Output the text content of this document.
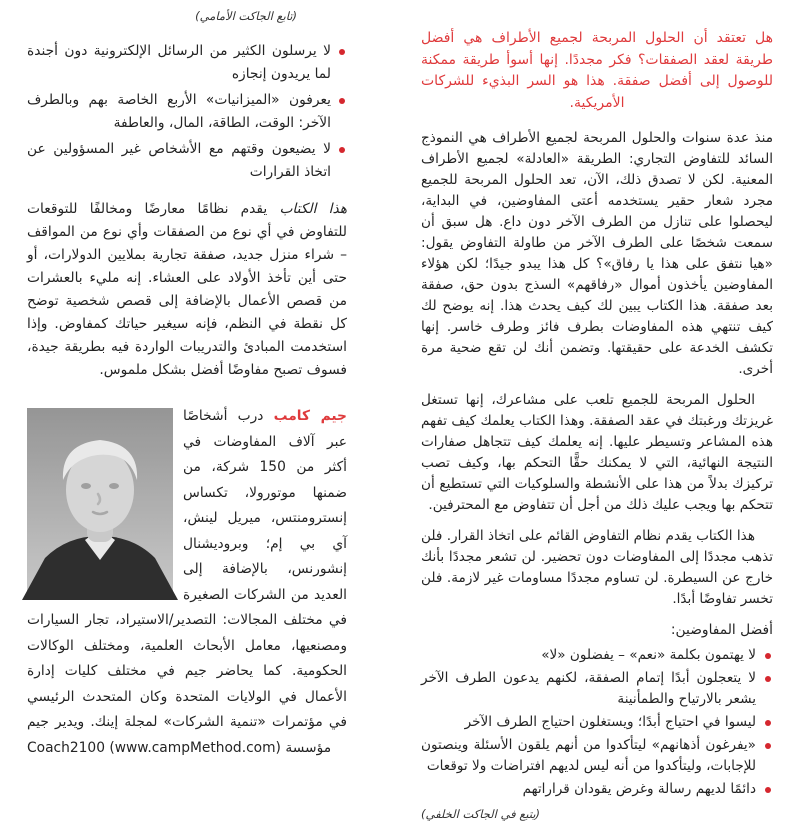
هل تعتقد أن الحلول المربحة لجميع الأطراف هي أفضل طريقة لعقد الصفقات؟ فكر مجددًا. إنها أسوأ طريقة ممكنة للوصول إلى أفضل صفقة. هذا هو السر البذيء للشركات الأمريكية.

منذ عدة سنوات والحلول المربحة لجميع الأطراف هي النموذج السائد للتفاوض التجاري: الطريقة «العادلة» لجميع الأطراف المعنية. لكن لا تصدق ذلك، الآن، تعد الحلول المربحة للجميع مجرد شعار حقير يستخدمه أعتى المفاوضين، في البداية، ليحصلوا على تنازل من الطرف الآخر دون داع. هل سبق أن سمعت شخصًا على الطرف الآخر من طاولة التفاوض يقول: «هيا نتفق على هذا يا رفاق»؟ كل هذا يبدو جيدًا؛ لكن هؤلاء المفاوضين يأخذون أموال «رفاقهم» السذج بدون حق، صفقة بعد صفقة. هذا الكتاب يبين لك كيف يحدث هذا. إنه يوضح لك كيف تنتهي هذه المفاوضات بطرف فائز وطرف خاسر. إنها تكشف الخدعة على حقيقتها. وتضمن أنك لن تقع ضحية مرة أخرى.

الحلول المربحة للجميع تلعب على مشاعرك، إنها تستغل غريزتك ورغبتك في عقد الصفقة. وهذا الكتاب يعلمك كيف تفهم هذه المشاعر وتسيطر عليها. إنه يعلمك كيف تتجاهل صفارات النتيجة النهائية، التي لا يمكنك حقًّا التحكم بها، وكيف تصب تركيزك بدلاً من هذا على الأنشطة والسلوكيات التي تستطيع أن تتحكم بها ويجب عليك ذلك من أجل أن تتفاوض مع المحترفين.

هذا الكتاب يقدم نظام التفاوض القائم على اتخاذ القرار. فلن تذهب مجددًا إلى المفاوضات دون تحضير. لن تشعر مجددًا بأنك خارج عن السيطرة. لن تساوم مجددًا مساومات غير لازمة. فلن تخسر تفاوضًا أبدًا.

أفضل المفاوضين:

لا يهتمون بكلمة «نعم» – يفضلون «لا»
لا يتعجلون أبدًا إتمام الصفقة، لكنهم يدعون الطرف الآخر يشعر بالارتياح والطمأنينة
ليسوا في احتياج أبدًا؛ ويستغلون احتياج الطرف الآخر
«يفرغون أذهانهم» ليتأكدوا من أنهم يلقون الأسئلة وينصتون للإجابات، وليتأكدوا من أنه ليس لديهم افتراضات ولا توقعات
دائمًا لديهم رسالة وغرض يقودان قراراتهم

(يتبع في الجاكت الخلفي)

(تابع الجاكت الأمامي)

لا يرسلون الكثير من الرسائل الإلكترونية دون أجندة لما يريدون إنجازه
يعرفون «الميزانيات» الأربع الخاصة بهم وبالطرف الآخر: الوقت، الطاقة، المال، والعاطفة
لا يضيعون وقتهم مع الأشخاص غير المسؤولين عن اتخاذ القرارات

هذا الكتاب يقدم نظامًا معارضًا ومخالفًا للتوقعات للتفاوض في أي نوع من الصفقات وأي نوع من المواقف – شراء منزل جديد، صفقة تجارية بملايين الدولارات، أو حتى أين تأخذ الأولاد على العشاء. إنه مليء بالعشرات من قصص الأعمال بالإضافة إلى قصص شخصية توضح كل نقطة في النظم، فإنه سيغير حياتك كمفاوض. وإذا استخدمت المبادئ والتدريبات الواردة فيه بطريقة جيدة، فسوف تصبح مفاوضًا أفضل بشكل ملموس.

جيم كامب درب أشخاصًا عبر آلاف المفاوضات في أكثر من 150 شركة، من ضمنها موتورولا، تكساس إنسترومنتس، ميريل لينش، آي بي إم؛ وبروديشنال إنشورنس، بالإضافة إلى العديد من الشركات الصغيرة في مختلف المجالات: التصدير/الاستيراد، تجار السيارات ومصنعيها، معامل الأبحاث العلمية، ومختلف الوكالات الحكومية. كما يحاضر جيم في مختلف كليات إدارة الأعمال في الولايات المتحدة وكان المتحدث الرئيسي في مؤتمرات «تنمية الشركات» لمجلة إينك. ويدير جيم مؤسسة Coach2100 (www.campMethod.com)
